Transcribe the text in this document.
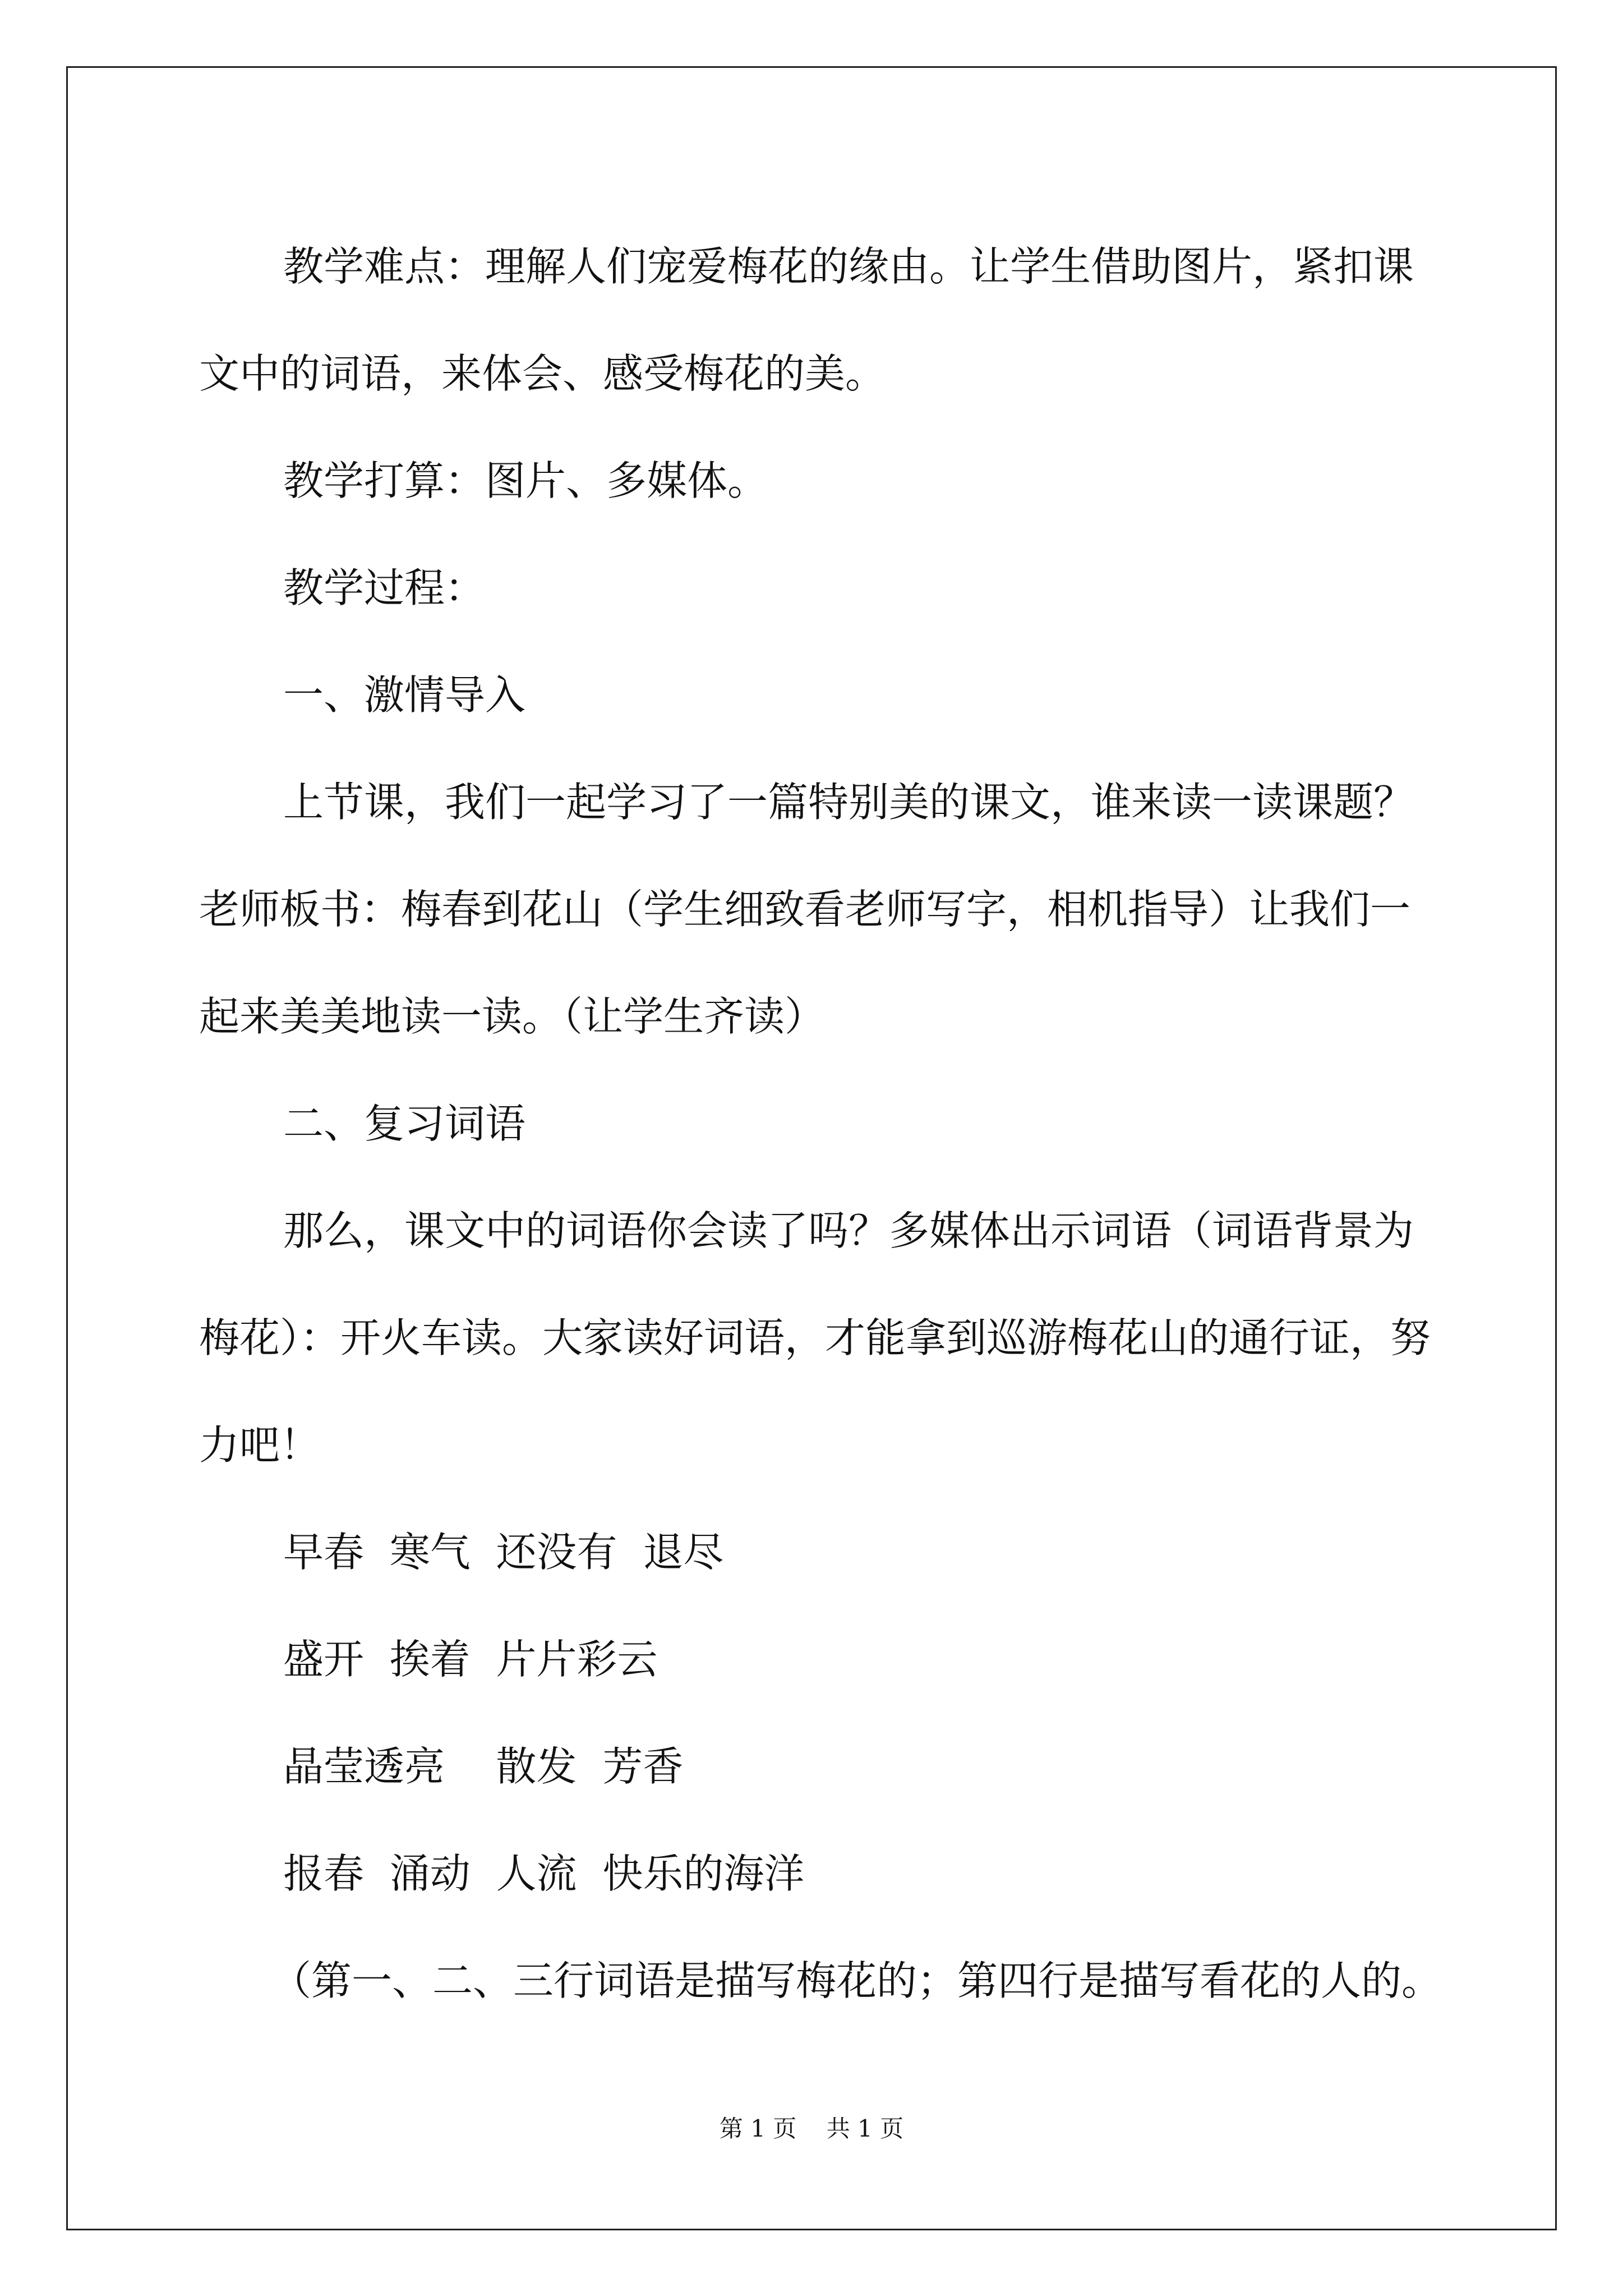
教学难点：理解人们宠爱梅花的缘由。让学生借助图片，紧扣课

文中的词语，来体会、感受梅花的美。

教学打算：图片、多媒体。

教学过程：

一、激情导入

上节课，我们一起学习了一篇特别美的课文，谁来读一读课题？

老师板书：梅春到花山（学生细致看老师写字，相机指导）让我们一

起来美美地读一读。（让学生齐读）

二、复习词语

那么，课文中的词语你会读了吗？多媒体出示词语（词语背景为

梅花）：开火车读。大家读好词语，才能拿到巡游梅花山的通行证，努

力吧！

早春  寒气  还没有  退尽

盛开  挨着  片片彩云

晶莹透亮    散发  芳香

报春  涌动  人流  快乐的海洋

（第一、二、三行词语是描写梅花的；第四行是描写看花的人的。

第 1 页    共 1 页
